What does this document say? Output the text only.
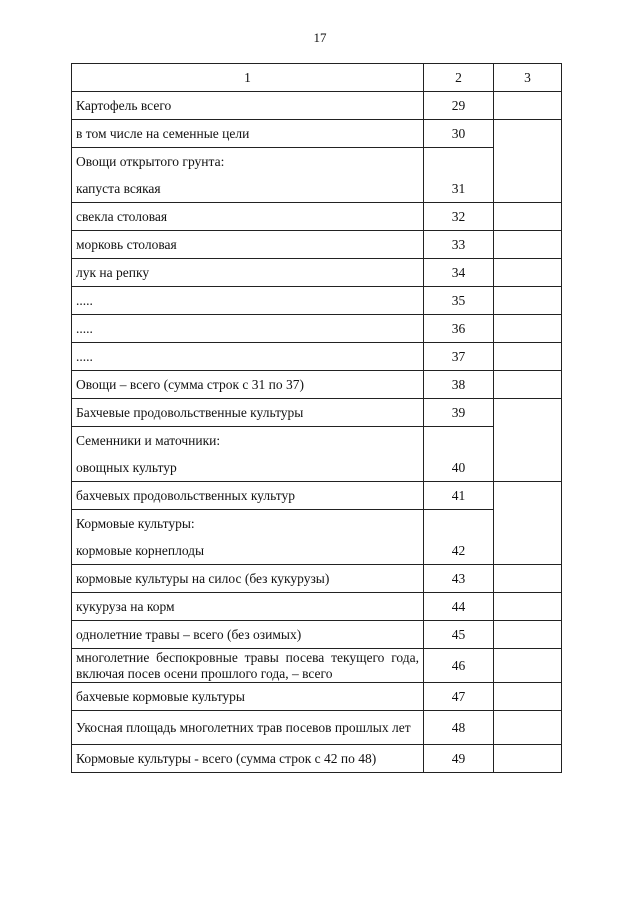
17
1	2	3
Картофель всего	29	
в том числе на семенные цели	30	
Овощи открытого грунта:		
капуста всякая	31	
свекла столовая	32	
морковь столовая	33	
лук на репку	34	
.....	35	
.....	36	
.....	37	
Овощи – всего (сумма строк с 31 по 37)	38	
Бахчевые продовольственные культуры	39	
Семенники и маточники:		
овощных культур	40	
бахчевых продовольственных культур	41	
Кормовые культуры:		
кормовые корнеплоды	42	
кормовые культуры на силос (без кукурузы)	43	
кукуруза на корм	44	
однолетние травы – всего (без озимых)	45	
многолетние беспокровные травы посева текущего года, включая посев осени прошлого года, – всего	46	
бахчевые кормовые культуры	47	
Укосная площадь многолетних трав посевов прошлых лет	48	
Кормовые культуры - всего (сумма строк с 42 по 48)	49	
